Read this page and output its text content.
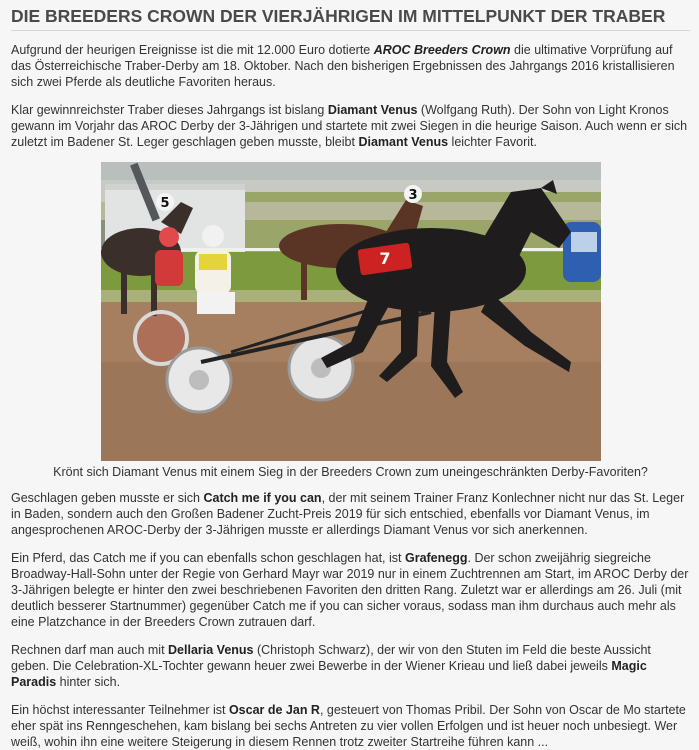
DIE BREEDERS CROWN DER VIERJÄHRIGEN IM MITTELPUNKT DER TRABER

Aufgrund der heurigen Ereignisse ist die mit 12.000 Euro dotierte AROC Breeders Crown die ultimative Vorprüfung auf das Österreichische Traber-Derby am 18. Oktober. Nach den bisherigen Ergebnissen des Jahrgangs 2016 kristallisieren sich zwei Pferde als deutliche Favoriten heraus.

Klar gewinnreichster Traber dieses Jahrgangs ist bislang Diamant Venus (Wolfgang Ruth). Der Sohn von Light Kronos gewann im Vorjahr das AROC Derby der 3-Jährigen und startete mit zwei Siegen in die heurige Saison. Auch wenn er sich zuletzt im Badener St. Leger geschlagen geben musste, bleibt Diamant Venus leichter Favorit.

5
3
7
Krönt sich Diamant Venus mit einem Sieg in der Breeders Crown zum uneingeschränkten Derby-Favoriten?

Geschlagen geben musste er sich Catch me if you can, der mit seinem Trainer Franz Konlechner nicht nur das St. Leger in Baden, sondern auch den Großen Badener Zucht-Preis 2019 für sich entschied, ebenfalls vor Diamant Venus, im angesprochenen AROC-Derby der 3-Jährigen musste er allerdings Diamant Venus vor sich anerkennen.

Ein Pferd, das Catch me if you can ebenfalls schon geschlagen hat, ist Grafenegg. Der schon zweijährig siegreiche Broadway-Hall-Sohn unter der Regie von Gerhard Mayr war 2019 nur in einem Zuchtrennen am Start, im AROC Derby der 3-Jährigen belegte er hinter den zwei beschriebenen Favoriten den dritten Rang. Zuletzt war er allerdings am 26. Juli (mit deutlich besserer Startnummer) gegenüber Catch me if you can sicher voraus, sodass man ihm durchaus auch mehr als eine Platzchance in der Breeders Crown zutrauen darf.

Rechnen darf man auch mit Dellaria Venus (Christoph Schwarz), der wir von den Stuten im Feld die beste Aussicht geben. Die Celebration-XL-Tochter gewann heuer zwei Bewerbe in der Wiener Krieau und ließ dabei jeweils Magic Paradis hinter sich.

Ein höchst interessanter Teilnehmer ist Oscar de Jan R, gesteuert von Thomas Pribil. Der Sohn von Oscar de Mo startete eher spät ins Renngeschehen, kam bislang bei sechs Antreten zu vier vollen Erfolgen und ist heuer noch unbesiegt. Wer weiß, wohin ihn eine weitere Steigerung in diesem Rennen trotz zweiter Startreihe führen kann ...
